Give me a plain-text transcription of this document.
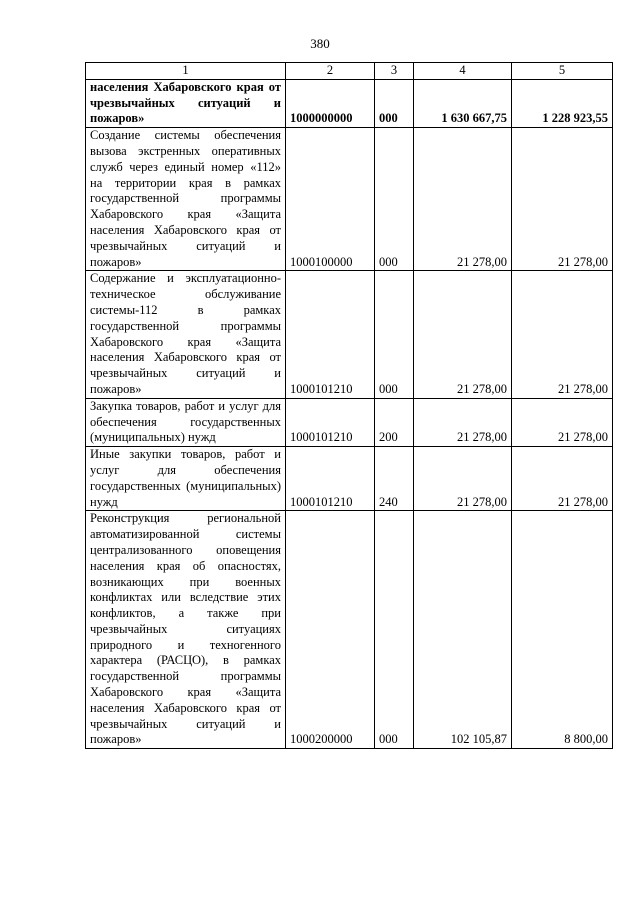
380
1	2	3	4	5
населения Хабаровского края от чрезвычайных ситуаций и пожаров»	1000000000	000	1 630 667,75	1 228 923,55
Создание системы обеспечения вызова экстренных оперативных служб через единый номер «112» на территории края в рамках государственной программы Хабаровского края «Защита населения Хабаровского края от чрезвычайных ситуаций и пожаров»	1000100000	000	21 278,00	21 278,00
Содержание и эксплуатационно-техническое обслуживание системы-112 в рамках государственной программы Хабаровского края «Защита населения Хабаровского края от чрезвычайных ситуаций и пожаров»	1000101210	000	21 278,00	21 278,00
Закупка товаров, работ и услуг для обеспечения государственных (муниципальных) нужд	1000101210	200	21 278,00	21 278,00
Иные закупки товаров, работ и услуг для обеспечения государственных (муниципальных) нужд	1000101210	240	21 278,00	21 278,00
Реконструкция региональной автоматизированной системы централизованного оповещения населения края об опасностях, возникающих при военных конфликтах или вследствие этих конфликтов, а также при чрезвычайных ситуациях природного и техногенного характера (РАСЦО), в рамках государственной программы Хабаровского края «Защита населения Хабаровского края от чрезвычайных ситуаций и пожаров»	1000200000	000	102 105,87	8 800,00
